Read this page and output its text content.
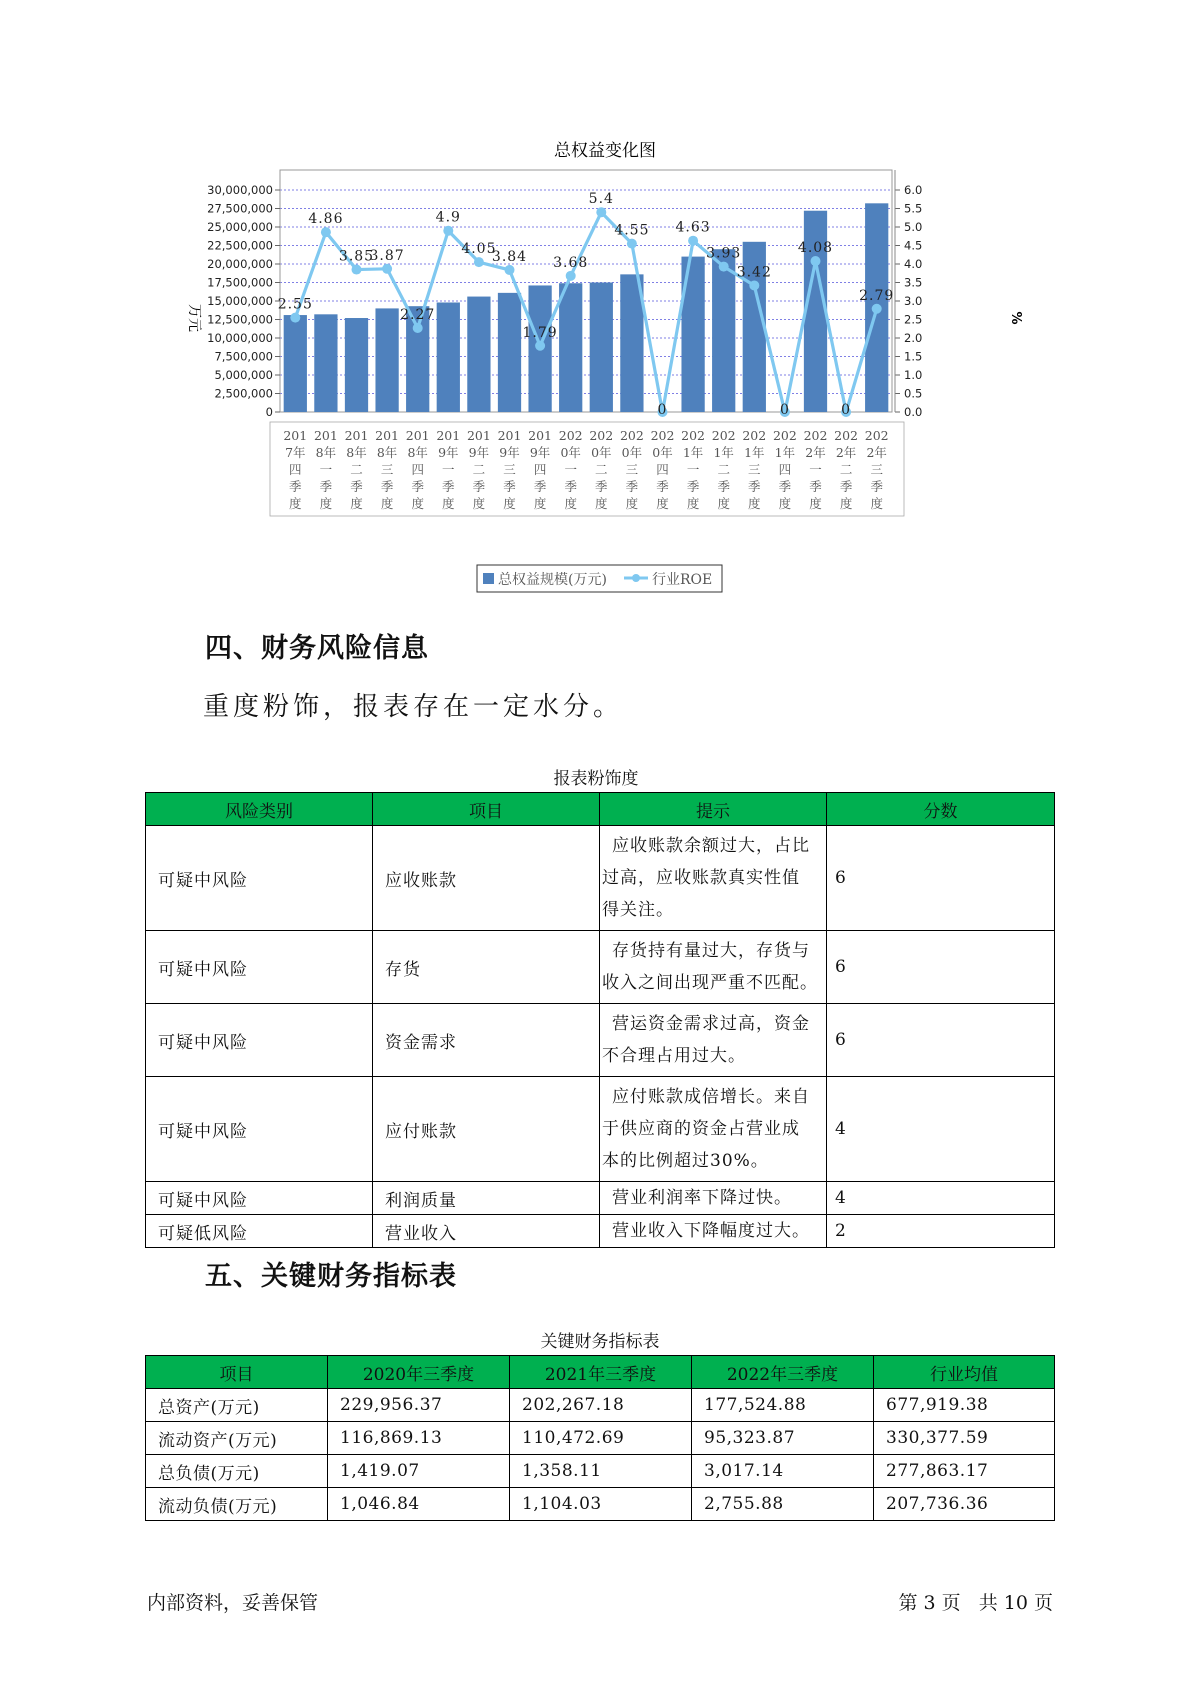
总权益变化图
30,000,000
27,500,000
25,000,000
22,500,000
20,000,000
17,500,000
15,000,000
12,500,000
10,000,000
7,500,000
5,000,000
2,500,000
0
6.0
5.5
5.0
4.5
4.0
3.5
3.0
2.5
2.0
1.5
1.0
0.5
0.0
2.55
4.86
3.85
3.87
2.27
4.9
4.05
3.84
1.79
3.68
5.4
4.55
0
4.63
3.93
3.42
0
4.08
0
2.79
201
7年
四
季
度
201
8年
一
季
度
201
8年
二
季
度
201
8年
三
季
度
201
8年
四
季
度
201
9年
一
季
度
201
9年
二
季
度
201
9年
三
季
度
201
9年
四
季
度
202
0年
一
季
度
202
0年
二
季
度
202
0年
三
季
度
202
0年
四
季
度
202
1年
一
季
度
202
1年
二
季
度
202
1年
三
季
度
202
1年
四
季
度
202
2年
一
季
度
202
2年
二
季
度
202
2年
三
季
度
万元	%
总权益规模(万元)	行业ROE
四、财务风险信息
重度粉饰，报表存在一定水分。
报表粉饰度
风险类别	项目	提示	分数
可疑中风险	应收账款	应收账款余额过大，占比
过高，应收账款真实性值
得关注。	6
可疑中风险	存货	存货持有量过大，存货与
收入之间出现严重不匹配。	6
可疑中风险	资金需求	营运资金需求过高，资金
不合理占用过大。	6
可疑中风险	应付账款	应付账款成倍增长。来自
于供应商的资金占营业成
本的比例超过30%。	4
可疑中风险	利润质量	营业利润率下降过快。	4
可疑低风险	营业收入	营业收入下降幅度过大。	2
五、关键财务指标表
关键财务指标表
项目	2020年三季度	2021年三季度	2022年三季度	行业均值
总资产(万元)	229,956.37	202,267.18	177,524.88	677,919.38
流动资产(万元)	116,869.13	110,472.69	95,323.87	330,377.59
总负债(万元)	1,419.07	1,358.11	3,017.14	277,863.17
流动负债(万元)	1,046.84	1,104.03	2,755.88	207,736.36
内部资料，妥善保管	第 3 页   共 10 页
